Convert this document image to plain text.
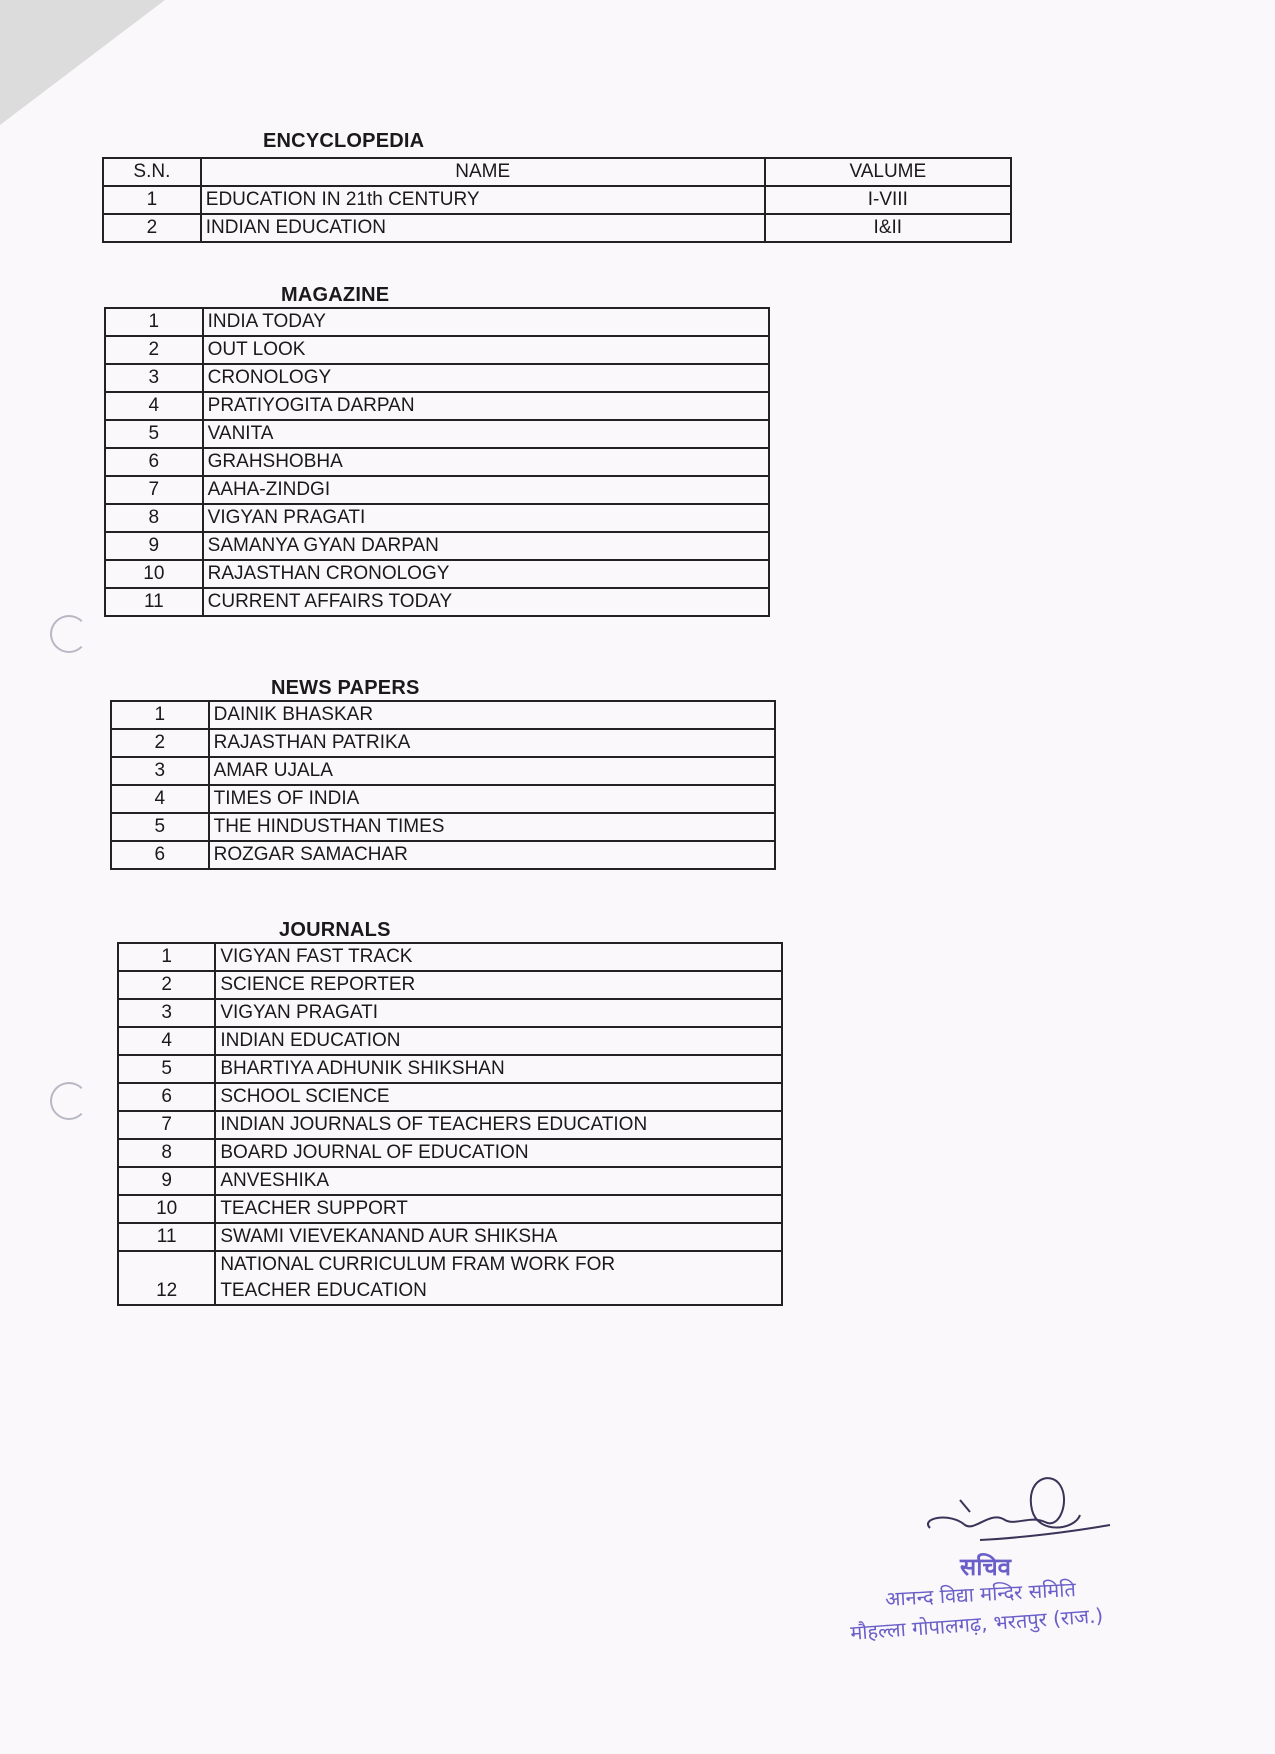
ENCYCLOPEDIA
S.N.	NAME	VALUME
1	EDUCATION IN 21th CENTURY	I-VIII
2	INDIAN EDUCATION	I&II
MAGAZINE
1	INDIA TODAY
2	OUT LOOK
3	CRONOLOGY
4	PRATIYOGITA DARPAN
5	VANITA
6	GRAHSHOBHA
7	AAHA-ZINDGI
8	VIGYAN PRAGATI
9	SAMANYA GYAN DARPAN
10	RAJASTHAN CRONOLOGY
11	CURRENT AFFAIRS TODAY
NEWS PAPERS
1	DAINIK BHASKAR
2	RAJASTHAN PATRIKA
3	AMAR UJALA
4	TIMES OF INDIA
5	THE HINDUSTHAN TIMES
6	ROZGAR SAMACHAR
JOURNALS
1	VIGYAN FAST TRACK
2	SCIENCE REPORTER
3	VIGYAN PRAGATI
4	INDIAN EDUCATION
5	BHARTIYA ADHUNIK SHIKSHAN
6	SCHOOL SCIENCE
7	INDIAN JOURNALS OF TEACHERS EDUCATION
8	BOARD JOURNAL OF EDUCATION
9	ANVESHIKA
10	TEACHER SUPPORT
11	SWAMI VIEVEKANAND AUR SHIKSHA
12	NATIONAL CURRICULUM FRAM WORK FOR
TEACHER EDUCATION
सचिव
आनन्द विद्या मन्दिर समिति
मौहल्ला गोपालगढ़, भरतपुर (राज.)
